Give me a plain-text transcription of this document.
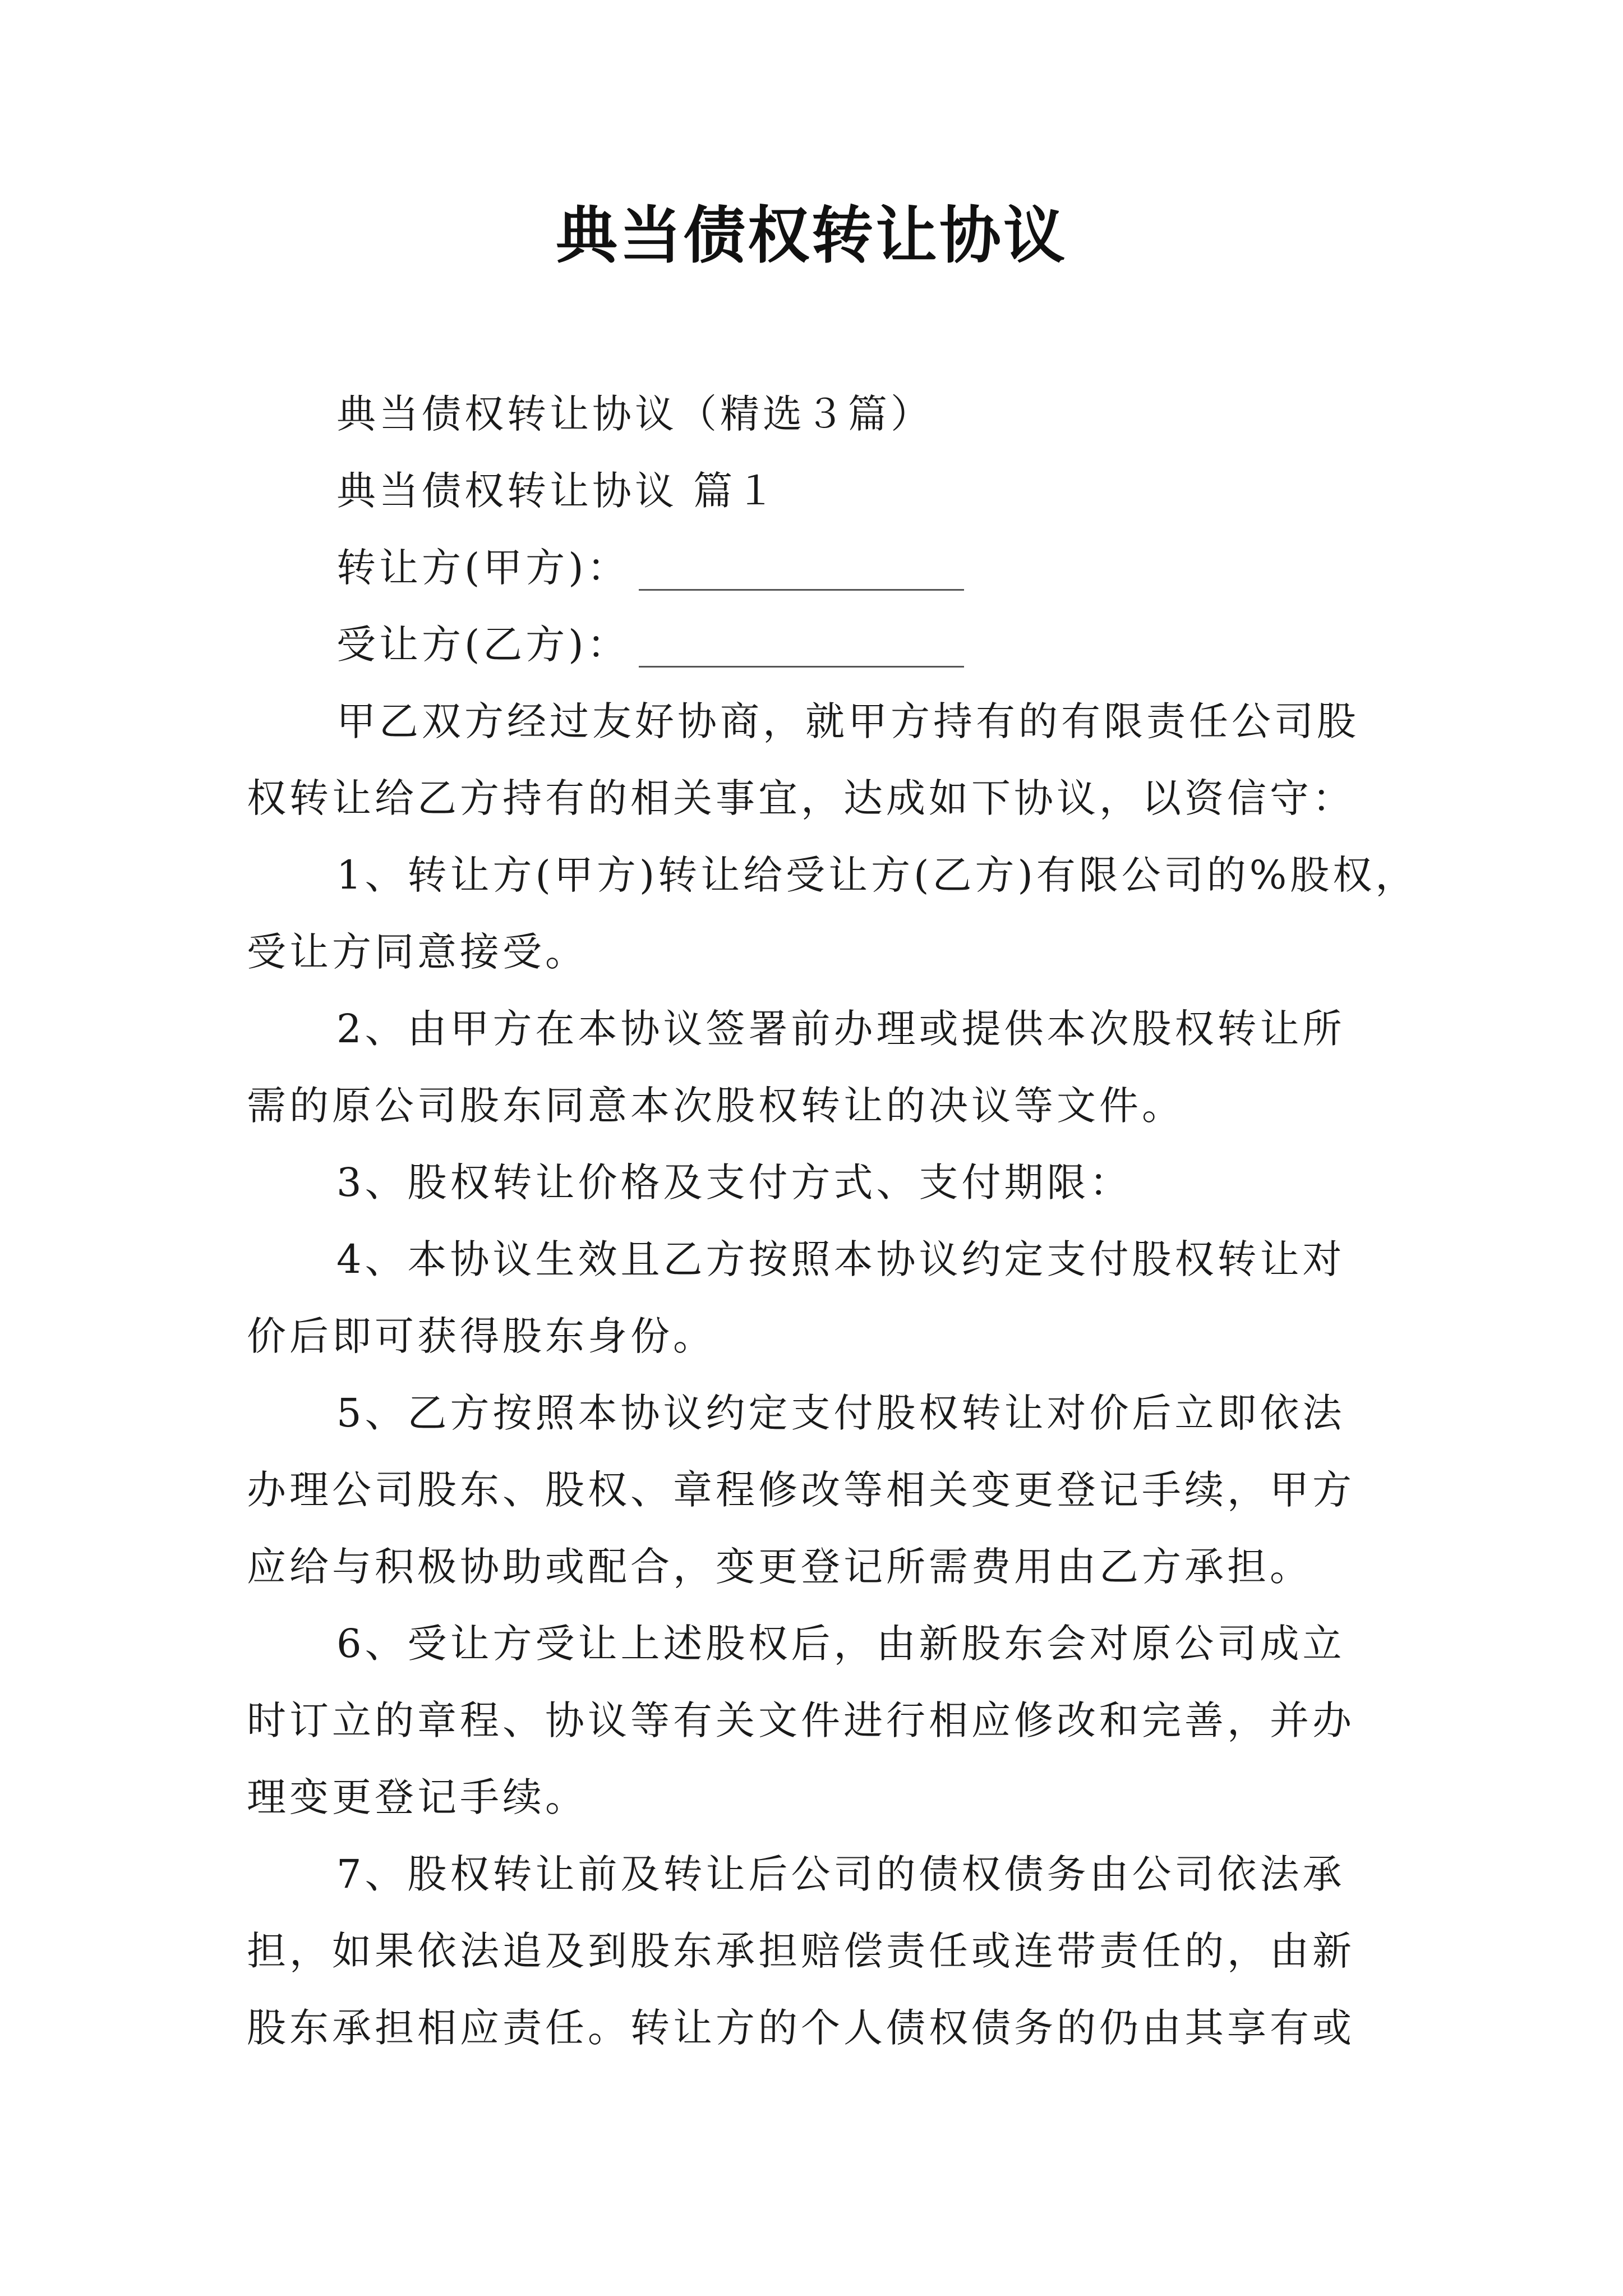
典当债权转让协议
典当债权转让协议（精选３篇）
典当债权转让协议 篇１
转让方(甲方)：
受让方(乙方)：
甲乙双方经过友好协商，就甲方持有的有限责任公司股
权转让给乙方持有的相关事宜，达成如下协议，以资信守：
1、转让方(甲方)转让给受让方(乙方)有限公司的%股权，
受让方同意接受。
2、由甲方在本协议签署前办理或提供本次股权转让所
需的原公司股东同意本次股权转让的决议等文件。
3、股权转让价格及支付方式、支付期限：
4、本协议生效且乙方按照本协议约定支付股权转让对
价后即可获得股东身份。
5、乙方按照本协议约定支付股权转让对价后立即依法
办理公司股东、股权、章程修改等相关变更登记手续，甲方
应给与积极协助或配合，变更登记所需费用由乙方承担。
6、受让方受让上述股权后，由新股东会对原公司成立
时订立的章程、协议等有关文件进行相应修改和完善，并办
理变更登记手续。
7、股权转让前及转让后公司的债权债务由公司依法承
担，如果依法追及到股东承担赔偿责任或连带责任的，由新
股东承担相应责任。转让方的个人债权债务的仍由其享有或
